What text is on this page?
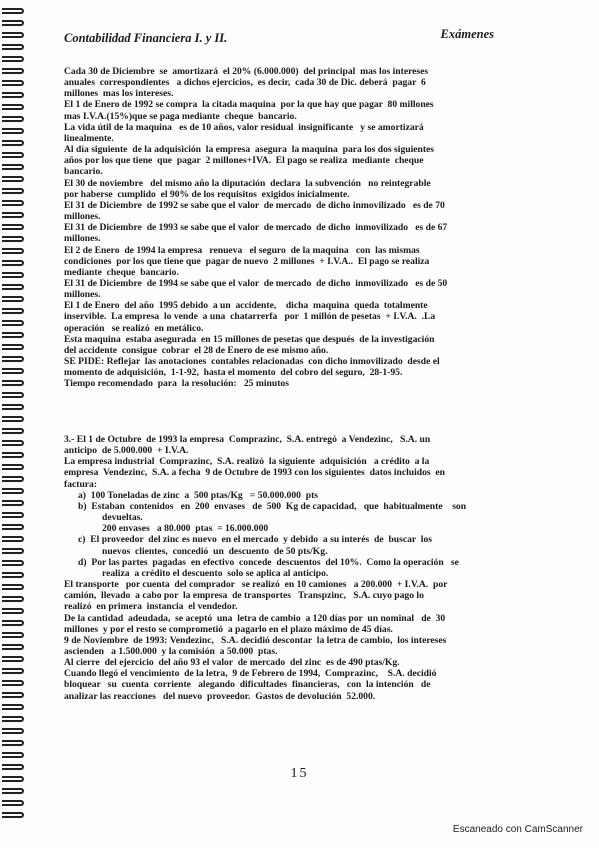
Contabilidad Financiera I. y II.	Exámenes

Cada 30 de Diciembre  se  amortizará  el 20% (6.000.000)  del principal  mas los intereses

anuales  correspondientes   a dichos ejercicios,  es decir,  cada 30 de Dic. deberá  pagar  6

millones  mas los intereses.

El 1 de Enero de 1992 se compra  la citada maquina  por la que hay que pagar  80 millones

mas I.V.A.(15%)que se paga mediante  cheque  bancario.

La vida útil de la maquina   es de 10 años, valor residual  insignificante   y se amortizará

linealmente.

Al día siguiente  de la adquisición  la empresa  asegura  la maquina  para los dos siguientes

años por los que tiene  que  pagar  2 millones+IVA.  El pago se realiza  mediante  cheque

bancario.

El 30 de noviembre   del mismo año la diputación  declara  la subvención   no reintegrable

por haberse  cumplido  el 90% de los requisitos  exigidos inicialmente.

El 31 de Diciembre  de 1992 se sabe que el valor  de mercado  de dicho inmovilizado   es de 70

millones.

El 31 de Diciembre  de 1993 se sabe que el valor  de mercado  de dicho  inmovilizado   es de 67

millones.

El 2 de Enero  de 1994 la empresa   renueva   el seguro  de la maquina   con  las mismas

condiciones  por los que tiene que  pagar de nuevo  2 millones  + I.V.A..  El pago se realiza

mediante  cheque  bancario.

El 31 de Diciembre  de 1994 se sabe que el valor  de mercado  de dicho  inmovilizado   es de 50

millones.

El 1 de Enero  del año  1995 debido  a un  accidente,    dicha  maquina  queda  totalmente

inservible.  La empresa  lo vende  a una  chatarrerfa   por  1 millón de pesetas  + I.V.A.  .La

operación   se realizó  en metálico.

Esta maquina  estaba asegurada  en 15 millones de pesetas que después  de la investigación

del accidente  consigue  cobrar  el 28 de Enero de ese mismo año.

SE PIDE: Reflejar  las anotaciones  contables relacionadas  con dicho inmovilizado  desde el

momento de adquisición,  1-1-92,  hasta el momento  del cobro del seguro,  28-1-95.

Tiempo recomendado  para  la resolución:   25 minutos

3.- El 1 de Octubre  de 1993 la empresa  Comprazinc,  S.A. entregó  a Vendezinc,   S.A. un

anticipo  de 5.000.000  + I.V.A.

La empresa industrial  Comprazinc,  S.A. realizó  la siguiente  adquisición   a crédito  a la

empresa  Vendezinc,  S.A. a fecha  9 de Octubre de 1993 con los siguientes  datos incluidos  en

factura:

a)  100 Toneladas de zinc  a  500 ptas/Kg   = 50.000.000  pts

b)  Estaban  contenidos   en  200  envases   de  500  Kg de capacidad,   que  habitualmente    son

devueltas.

200 envases   a 80.000  ptas  = 16.000.000

c)  El proveedor  del zinc es nuevo  en el mercado  y debido  a su interés  de  buscar  los

nuevos  clientes,  concedió  un  descuento  de 50 pts/Kg.

d)  Por las partes  pagadas  en efectivo  concede  descuentos  del 10%.  Como la operación   se

realiza  a crédito el descuento  solo se aplica al anticipo.

El transporte   por cuenta  del comprador   se realizó  en 10 camiones   a 200.000  + I.V.A.  por

camión,  llevado  a cabo por  la empresa  de transportes   Transpzinc,   S.A. cuyo pago lo

realizó  en primera  instancia  el vendedor.

De la cantidad  adeudada,  se aceptó  una  letra de cambio  a 120 días por  un nominal   de  30

millones  y por el resto se comprometió  a pagarlo en el plazo máximo de 45 días.

9 de Noviembre  de 1993: Vendezinc,   S.A. decidió descontar  la letra de cambio,  los intereses

ascienden   a 1.500.000  y la comisión  a 50.000  ptas.

Al cierre  del ejercicio  del año 93 el valor  de mercado  del zinc  es de 490 ptas/Kg.

Cuando llegó el vencimiento  de la letra,  9 de Febrero de 1994,  Comprazinc,    S.A. decidió

bloquear   su  cuenta  corriente   alegando  dificultades  financieras,   con  la intención   de

analizar las reacciones   del nuevo  proveedor.  Gastos de devolución  52.000.

15
Escaneado con CamScanner
